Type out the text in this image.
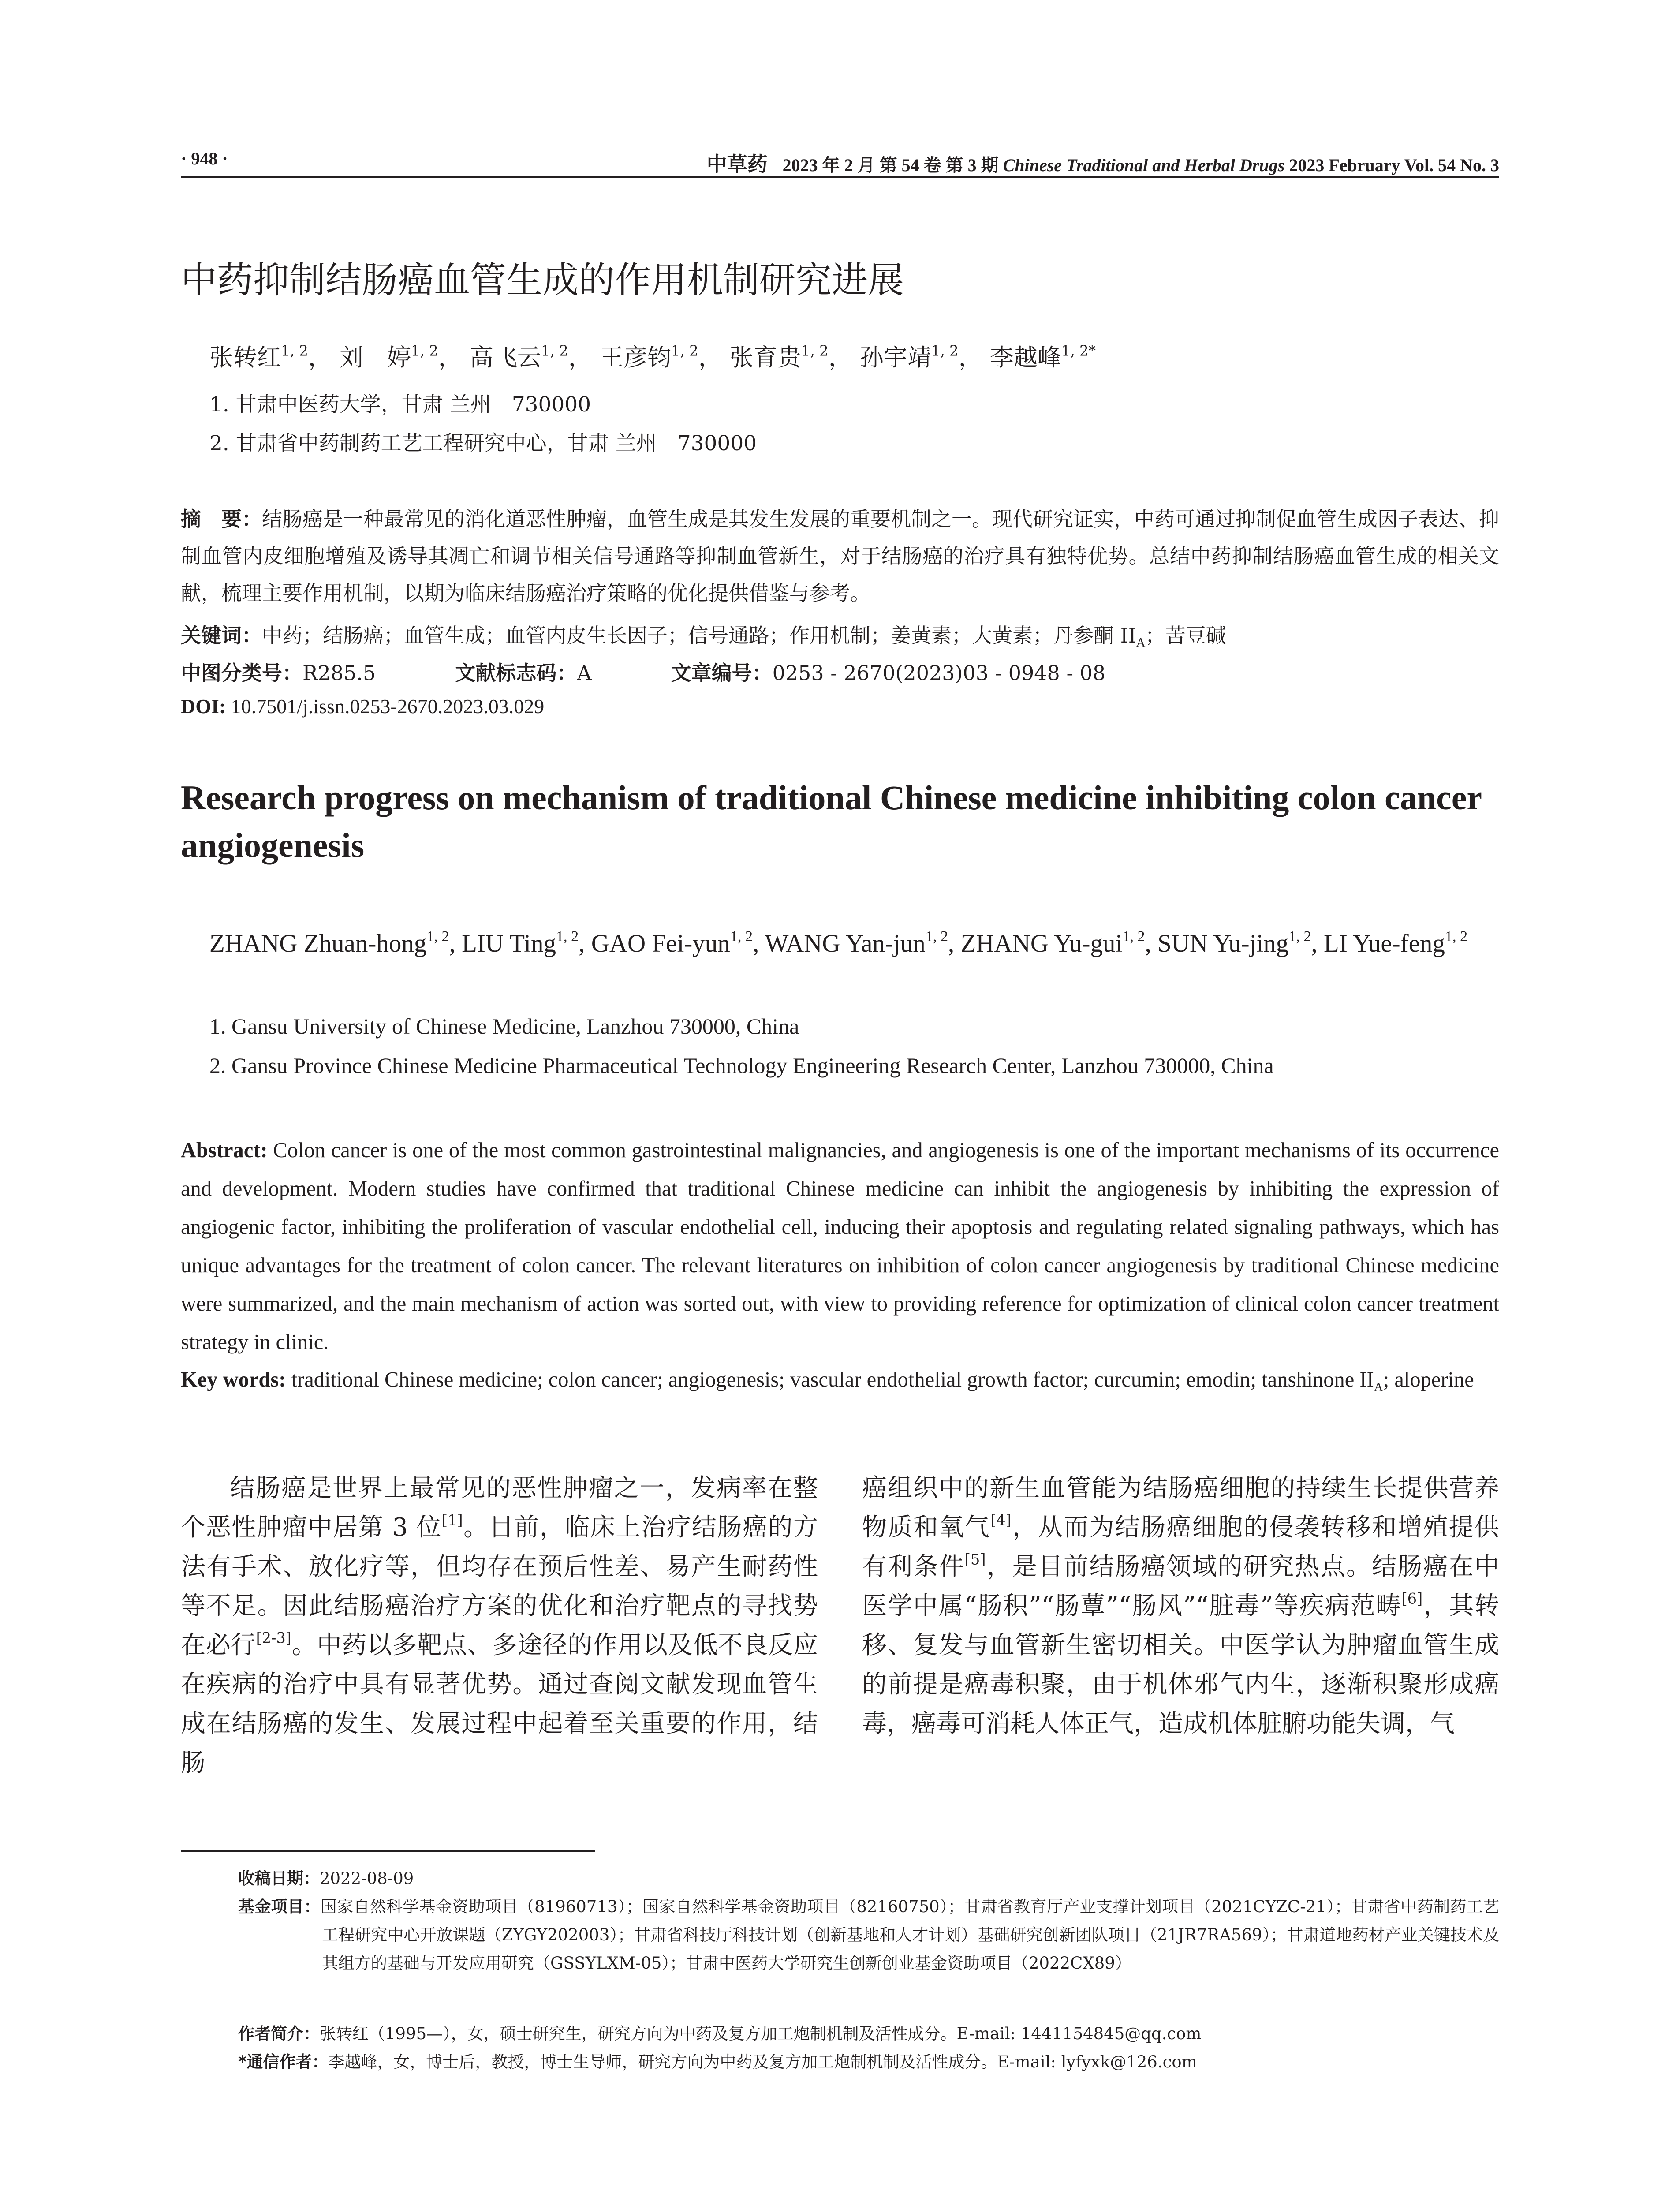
· 948 ·	中草药 2023 年 2 月 第 54 卷 第 3 期 Chinese Traditional and Herbal Drugs 2023 February Vol. 54 No. 3
中药抑制结肠癌血管生成的作用机制研究进展
张转红$^{1, 2}$， 刘　婷$^{1, 2}$， 高飞云$^{1, 2}$， 王彦钧$^{1, 2}$， 张育贵$^{1, 2}$， 孙宇靖$^{1, 2}$， 李越峰$^{1, 2*}$
1. 甘肃中医药大学，甘肃 兰州　730000
2. 甘肃省中药制药工艺工程研究中心，甘肃 兰州　730000
摘　要：结肠癌是一种最常见的消化道恶性肿瘤，血管生成是其发生发展的重要机制之一。现代研究证实，中药可通过抑制促血管生成因子表达、抑制血管内皮细胞增殖及诱导其凋亡和调节相关信号通路等抑制血管新生，对于结肠癌的治疗具有独特优势。总结中药抑制结肠癌血管生成的相关文献，梳理主要作用机制，以期为临床结肠癌治疗策略的优化提供借鉴与参考。
关键词：中药；结肠癌；血管生成；血管内皮生长因子；信号通路；作用机制；姜黄素；大黄素；丹参酮 $II_A$；苦豆碱
中图分类号：R285.5	文献标志码：A	文章编号：0253 - 2670(2023)03 - 0948 - 08
DOI: 10.7501/j.issn.0253-2670.2023.03.029
Research progress on mechanism of traditional Chinese medicine inhibiting colon cancer angiogenesis
ZHANG Zhuan-hong$^{1, 2}$, LIU Ting$^{1, 2}$, GAO Fei-yun$^{1, 2}$, WANG Yan-jun$^{1, 2}$, ZHANG Yu-gui$^{1, 2}$, SUN Yu-jing$^{1, 2}$, LI Yue-feng$^{1, 2}$
1. Gansu University of Chinese Medicine, Lanzhou 730000, China
2. Gansu Province Chinese Medicine Pharmaceutical Technology Engineering Research Center, Lanzhou 730000, China
Abstract: Colon cancer is one of the most common gastrointestinal malignancies, and angiogenesis is one of the important mechanisms of its occurrence and development. Modern studies have confirmed that traditional Chinese medicine can inhibit the angiogenesis by inhibiting the expression of angiogenic factor, inhibiting the proliferation of vascular endothelial cell, inducing their apoptosis and regulating related signaling pathways, which has unique advantages for the treatment of colon cancer. The relevant literatures on inhibition of colon cancer angiogenesis by traditional Chinese medicine were summarized, and the main mechanism of action was sorted out, with view to providing reference for optimization of clinical colon cancer treatment strategy in clinic.
Key words: traditional Chinese medicine; colon cancer; angiogenesis; vascular endothelial growth factor; curcumin; emodin; tanshinone $II_A$; aloperine
结肠癌是世界上最常见的恶性肿瘤之一，发病率在整个恶性肿瘤中居第 3 位[1]。目前，临床上治疗结肠癌的方法有手术、放化疗等，但均存在预后性差、易产生耐药性等不足。因此结肠癌治疗方案的优化和治疗靶点的寻找势在必行[2-3]。中药以多靶点、多途径的作用以及低不良反应在疾病的治疗中具有显著优势。通过查阅文献发现血管生成在结肠癌的发生、发展过程中起着至关重要的作用，结肠
癌组织中的新生血管能为结肠癌细胞的持续生长提供营养物质和氧气[4]，从而为结肠癌细胞的侵袭转移和增殖提供有利条件[5]，是目前结肠癌领域的研究热点。结肠癌在中医学中属“肠积”“肠蕈”“肠风”“脏毒”等疾病范畴[6]，其转移、复发与血管新生密切相关。中医学认为肿瘤血管生成的前提是癌毒积聚，由于机体邪气内生，逐渐积聚形成癌毒，癌毒可消耗人体正气，造成机体脏腑功能失调，气
收稿日期：2022-08-09
基金项目：国家自然科学基金资助项目（81960713）；国家自然科学基金资助项目（82160750）；甘肃省教育厅产业支撑计划项目（2021CYZC-21）；甘肃省中药制药工艺工程研究中心开放课题（ZYGY202003）；甘肃省科技厅科技计划（创新基地和人才计划）基础研究创新团队项目（21JR7RA569）；甘肃道地药材产业关键技术及其组方的基础与开发应用研究（GSSYLXM-05）；甘肃中医药大学研究生创新创业基金资助项目（2022CX89）
作者简介：张转红（1995—），女，硕士研究生，研究方向为中药及复方加工炮制机制及活性成分。E-mail: 1441154845@qq.com
*通信作者：李越峰，女，博士后，教授，博士生导师，研究方向为中药及复方加工炮制机制及活性成分。E-mail: lyfyxk@126.com
